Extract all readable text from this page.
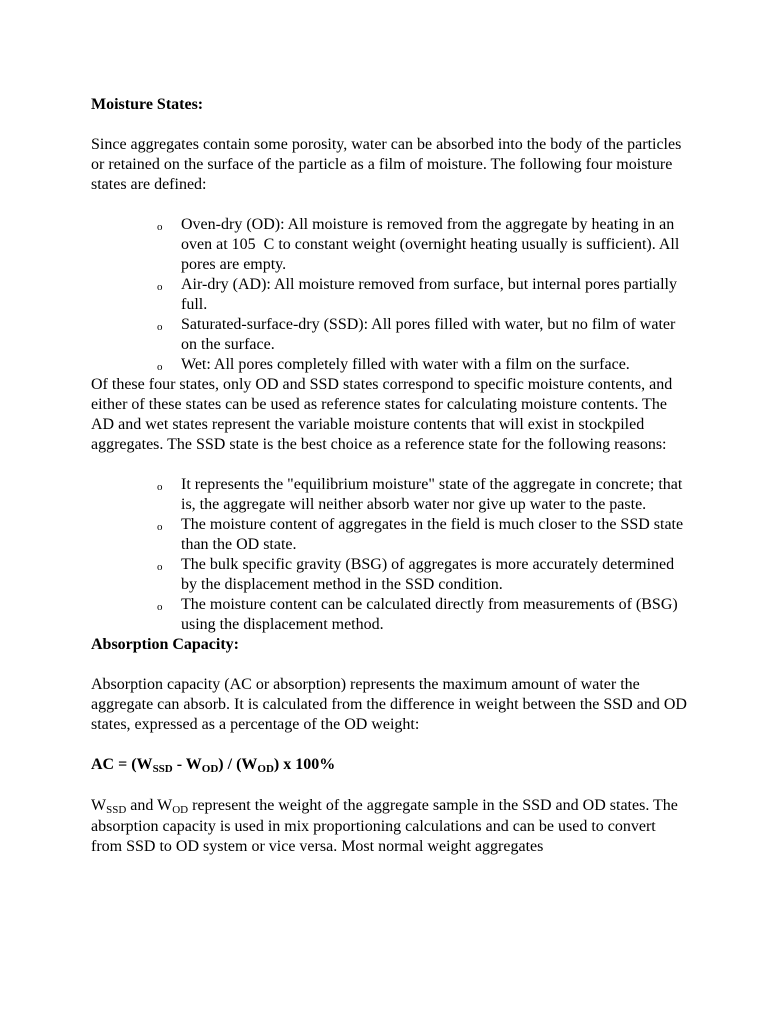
Moisture States:

Since aggregates contain some porosity, water can be absorbed into the body of the particles or retained on the surface of the particle as a film of moisture. The following four moisture states are defined:

o Oven-dry (OD): All moisture is removed from the aggregate by heating in an oven at 105  C to constant weight (overnight heating usually is sufficient). All pores are empty.
o Air-dry (AD): All moisture removed from surface, but internal pores partially full.
o Saturated-surface-dry (SSD): All pores filled with water, but no film of water on the surface.
o Wet: All pores completely filled with water with a film on the surface.

Of these four states, only OD and SSD states correspond to specific moisture contents, and either of these states can be used as reference states for calculating moisture contents. The AD and wet states represent the variable moisture contents that will exist in stockpiled aggregates. The SSD state is the best choice as a reference state for the following reasons:

o It represents the "equilibrium moisture" state of the aggregate in concrete; that is, the aggregate will neither absorb water nor give up water to the paste.
o The moisture content of aggregates in the field is much closer to the SSD state than the OD state.
o The bulk specific gravity (BSG) of aggregates is more accurately determined by the displacement method in the SSD condition.
o The moisture content can be calculated directly from measurements of (BSG) using the displacement method.

Absorption Capacity:

Absorption capacity (AC or absorption) represents the maximum amount of water the aggregate can absorb. It is calculated from the difference in weight between the SSD and OD states, expressed as a percentage of the OD weight:

AC = (WSSD - WOD) / (WOD) x 100%

WSSD and WOD represent the weight of the aggregate sample in the SSD and OD states. The absorption capacity is used in mix proportioning calculations and can be used to convert from SSD to OD system or vice versa. Most normal weight aggregates
